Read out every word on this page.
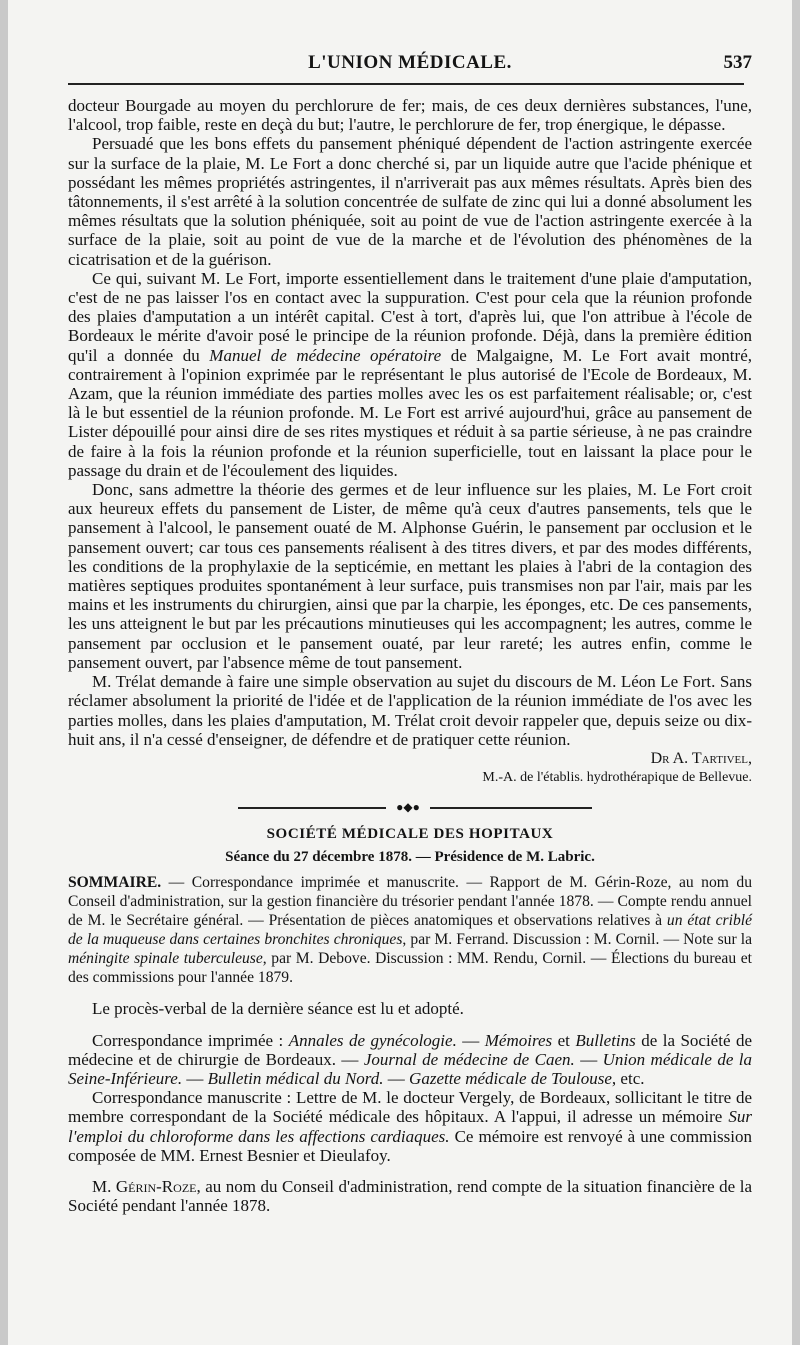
L'UNION MÉDICALE.	537

docteur Bourgade au moyen du perchlorure de fer; mais, de ces deux dernières substances, l'une, l'alcool, trop faible, reste en deçà du but; l'autre, le perchlorure de fer, trop énergique, le dépasse.

Persuadé que les bons effets du pansement phéniqué dépendent de l'action astringente exercée sur la surface de la plaie, M. Le Fort a donc cherché si, par un liquide autre que l'acide phénique et possédant les mêmes propriétés astringentes, il n'arriverait pas aux mêmes résultats. Après bien des tâtonnements, il s'est arrêté à la solution concentrée de sulfate de zinc qui lui a donné absolument les mêmes résultats que la solution phéniquée, soit au point de vue de l'action astringente exercée à la surface de la plaie, soit au point de vue de la marche et de l'évolution des phénomènes de la cicatrisation et de la guérison.

Ce qui, suivant M. Le Fort, importe essentiellement dans le traitement d'une plaie d'amputation, c'est de ne pas laisser l'os en contact avec la suppuration. C'est pour cela que la réunion profonde des plaies d'amputation a un intérêt capital. C'est à tort, d'après lui, que l'on attribue à l'école de Bordeaux le mérite d'avoir posé le principe de la réunion profonde. Déjà, dans la première édition qu'il a donnée du Manuel de médecine opératoire de Malgaigne, M. Le Fort avait montré, contrairement à l'opinion exprimée par le représentant le plus autorisé de l'Ecole de Bordeaux, M. Azam, que la réunion immédiate des parties molles avec les os est parfaitement réalisable; or, c'est là le but essentiel de la réunion profonde. M. Le Fort est arrivé aujourd'hui, grâce au pansement de Lister dépouillé pour ainsi dire de ses rites mystiques et réduit à sa partie sérieuse, à ne pas craindre de faire à la fois la réunion profonde et la réunion superficielle, tout en laissant la place pour le passage du drain et de l'écoulement des liquides.

Donc, sans admettre la théorie des germes et de leur influence sur les plaies, M. Le Fort croit aux heureux effets du pansement de Lister, de même qu'à ceux d'autres pansements, tels que le pansement à l'alcool, le pansement ouaté de M. Alphonse Guérin, le pansement par occlusion et le pansement ouvert; car tous ces pansements réalisent à des titres divers, et par des modes différents, les conditions de la prophylaxie de la septicémie, en mettant les plaies à l'abri de la contagion des matières septiques produites spontanément à leur surface, puis transmises non par l'air, mais par les mains et les instruments du chirurgien, ainsi que par la charpie, les éponges, etc. De ces pansements, les uns atteignent le but par les précautions minutieuses qui les accompagnent; les autres, comme le pansement par occlusion et le pansement ouaté, par leur rareté; les autres enfin, comme le pansement ouvert, par l'absence même de tout pansement.

M. Trélat demande à faire une simple observation au sujet du discours de M. Léon Le Fort. Sans réclamer absolument la priorité de l'idée et de l'application de la réunion immédiate de l'os avec les parties molles, dans les plaies d'amputation, M. Trélat croit devoir rappeler que, depuis seize ou dix-huit ans, il n'a cessé d'enseigner, de défendre et de pratiquer cette réunion.

Dr A. Tartivel,

M.-A. de l'établis. hydrothérapique de Bellevue.

●◆●
SOCIÉTÉ MÉDICALE DES HOPITAUX
Séance du 27 décembre 1878. — Présidence de M. Labric.

SOMMAIRE. — Correspondance imprimée et manuscrite. — Rapport de M. Gérin-Roze, au nom du Conseil d'administration, sur la gestion financière du trésorier pendant l'année 1878. — Compte rendu annuel de M. le Secrétaire général. — Présentation de pièces anatomiques et observations relatives à un état criblé de la muqueuse dans certaines bronchites chroniques, par M. Ferrand. Discussion : M. Cornil. — Note sur la méningite spinale tuberculeuse, par M. Debove. Discussion : MM. Rendu, Cornil. — Élections du bureau et des commissions pour l'année 1879.

Le procès-verbal de la dernière séance est lu et adopté.

Correspondance imprimée : Annales de gynécologie. — Mémoires et Bulletins de la Société de médecine et de chirurgie de Bordeaux. — Journal de médecine de Caen. — Union médicale de la Seine-Inférieure. — Bulletin médical du Nord. — Gazette médicale de Toulouse, etc.

Correspondance manuscrite : Lettre de M. le docteur Vergely, de Bordeaux, sollicitant le titre de membre correspondant de la Société médicale des hôpitaux. A l'appui, il adresse un mémoire Sur l'emploi du chloroforme dans les affections cardiaques. Ce mémoire est renvoyé à une commission composée de MM. Ernest Besnier et Dieulafoy.

M. Gérin-Roze, au nom du Conseil d'administration, rend compte de la situation financière de la Société pendant l'année 1878.
